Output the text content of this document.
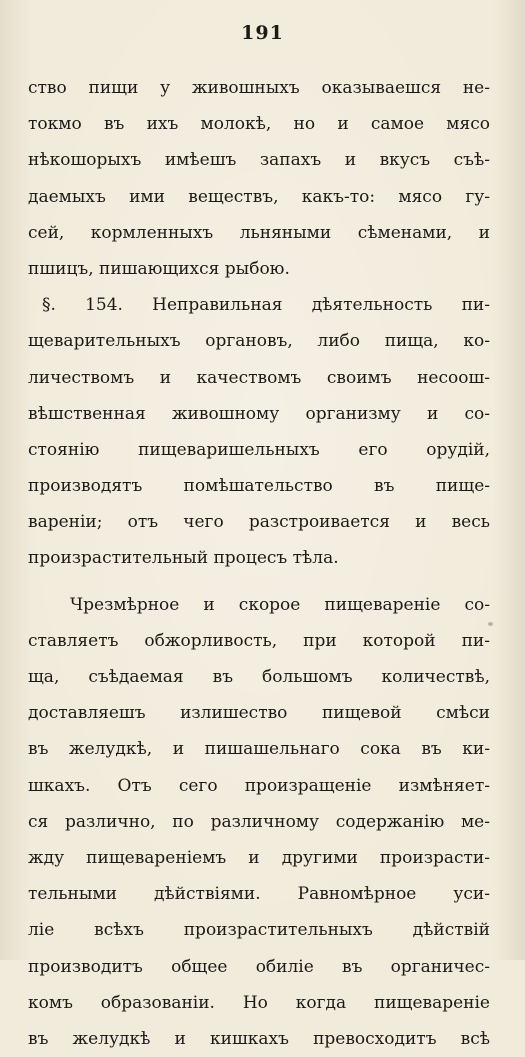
191
ство пищи у живошныхъ оказываешся не-
токмо въ ихъ молокѣ, но и самое мясо
нѣкошорыхъ имѣешъ запахъ и вкусъ съѣ-
даемыхъ ими веществъ, какъ-то: мясо гу-
сей, кормленныхъ льняными сѣменами, и
пшицъ, пишающихся рыбою.
§. 154. Неправильная дѣятельность пи-
щеварительныхъ органовъ, либо пища, ко-
личествомъ и качествомъ своимъ несоош-
вѣшственная живошному организму и со-
стоянію пищеваришельныхъ его орудій,
производятъ помѣшательство въ пище-
вареніи; отъ чего разстроивается и весь
произрастительный процесъ тѣла.
Чрезмѣрное и скорое пищевареніе со-
ставляетъ обжорливость, при которой пи-
ща, съѣдаемая въ большомъ количествѣ,
доставляешъ излишество пищевой смѣси
въ желудкѣ, и пишашельнаго сока въ ки-
шкахъ. Отъ сего произращеніе измѣняет-
ся различно, по различному содержанію ме-
жду пищевареніемъ и другими произрасти-
тельными дѣйствіями. Равномѣрное уси-
ліе всѣхъ произрастительныхъ дѣйствій
производитъ общее обиліе въ органичес-
комъ образованіи. Но когда пищевареніе
въ желудкѣ и кишкахъ превосходитъ всѣ
